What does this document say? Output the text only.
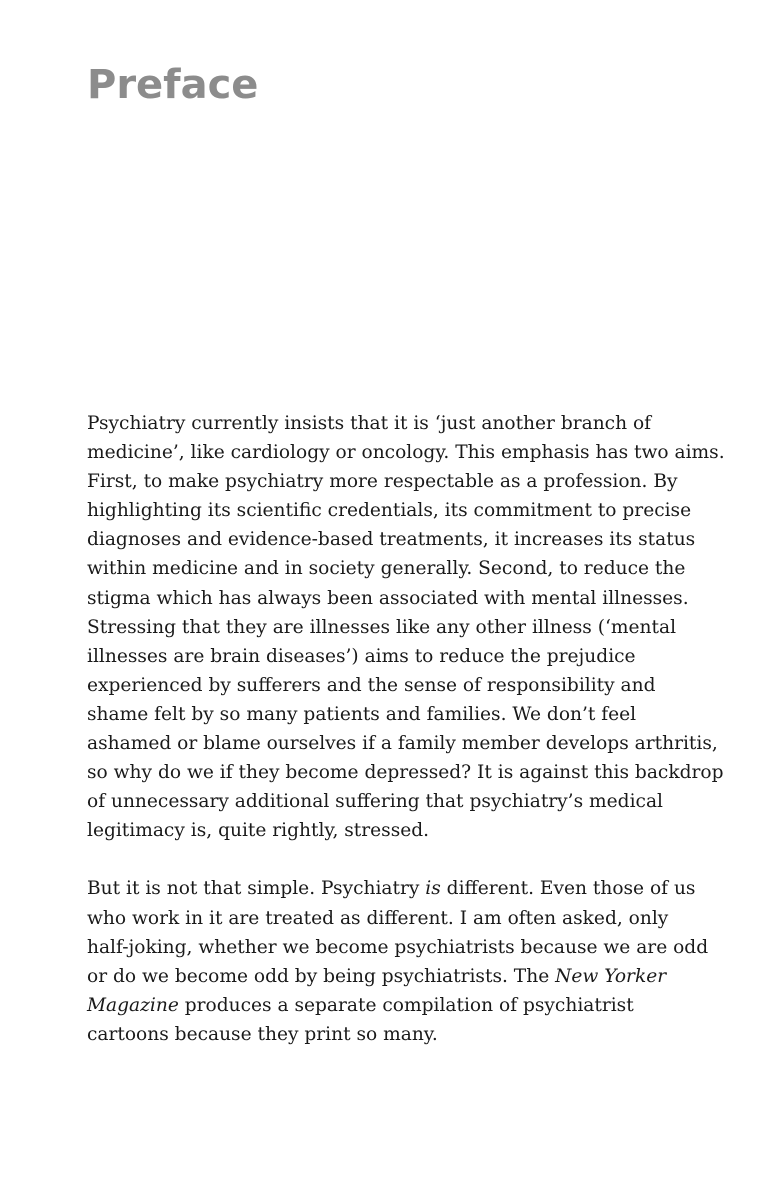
Preface

Psychiatry currently insists that it is ‘just another branch of
medicine’, like cardiology or oncology. This emphasis has two aims.
First, to make psychiatry more respectable as a profession. By
highlighting its scientific credentials, its commitment to precise
diagnoses and evidence-based treatments, it increases its status
within medicine and in society generally. Second, to reduce the
stigma which has always been associated with mental illnesses.
Stressing that they are illnesses like any other illness (‘mental
illnesses are brain diseases’) aims to reduce the prejudice
experienced by sufferers and the sense of responsibility and
shame felt by so many patients and families. We don’t feel
ashamed or blame ourselves if a family member develops arthritis,
so why do we if they become depressed? It is against this backdrop
of unnecessary additional suffering that psychiatry’s medical
legitimacy is, quite rightly, stressed.

But it is not that simple. Psychiatry is different. Even those of us
who work in it are treated as different. I am often asked, only
half-joking, whether we become psychiatrists because we are odd
or do we become odd by being psychiatrists. The New Yorker
Magazine produces a separate compilation of psychiatrist
cartoons because they print so many.
